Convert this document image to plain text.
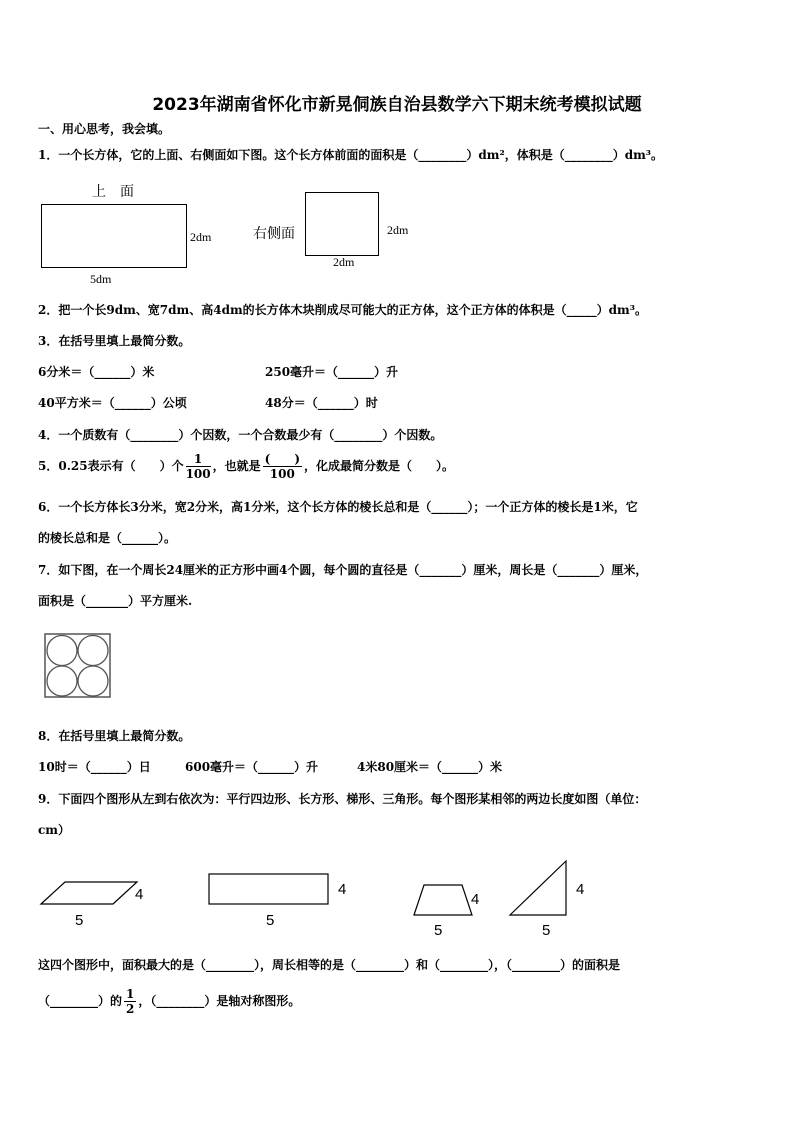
2023年湖南省怀化市新晃侗族自治县数学六下期末统考模拟试题
一、用心思考，我会填。
1．一个长方体，它的上面、右侧面如下图。这个长方体前面的面积是（________）dm²，体积是（________）dm³。
上　面
2dm
5dm
右侧面	2dm
2dm
2．把一个长9dm、宽7dm、高4dm的长方体木块削成尽可能大的正方体，这个正方体的体积是（_____）dm³。
3．在括号里填上最简分数。
6分米＝（______）米	250毫升＝（______）升
40平方米＝（______）公顷	48分＝（______）时
4．一个质数有（________）个因数，一个合数最少有（________）个因数。
5．0.25表示有（　　）个 $\frac{1}{100}$ ，也就是 $\frac{( )}{100}$ ，化成最简分数是（　　）。
6．一个长方体长3分米，宽2分米，高1分米，这个长方体的棱长总和是（______）；一个正方体的棱长是1米，它
的棱长总和是（______）。
7．如下图，在一个周长24厘米的正方形中画4个圆，每个圆的直径是（_______）厘米，周长是（_______）厘米，
面积是（_______）平方厘米.
8．在括号里填上最简分数。
10时＝（______）日	600毫升＝（______）升	4米80厘米＝（______）米
9．下面四个图形从左到右依次为：平行四边形、长方形、梯形、三角形。每个图形某相邻的两边长度如图（单位：
cm）
4
5
4
5
4
5
4
5
这四个图形中，面积最大的是（________），周长相等的是（________）和（________），（________）的面积是
（________）的 $\frac{1}{2}$ ，（________）是轴对称图形。
